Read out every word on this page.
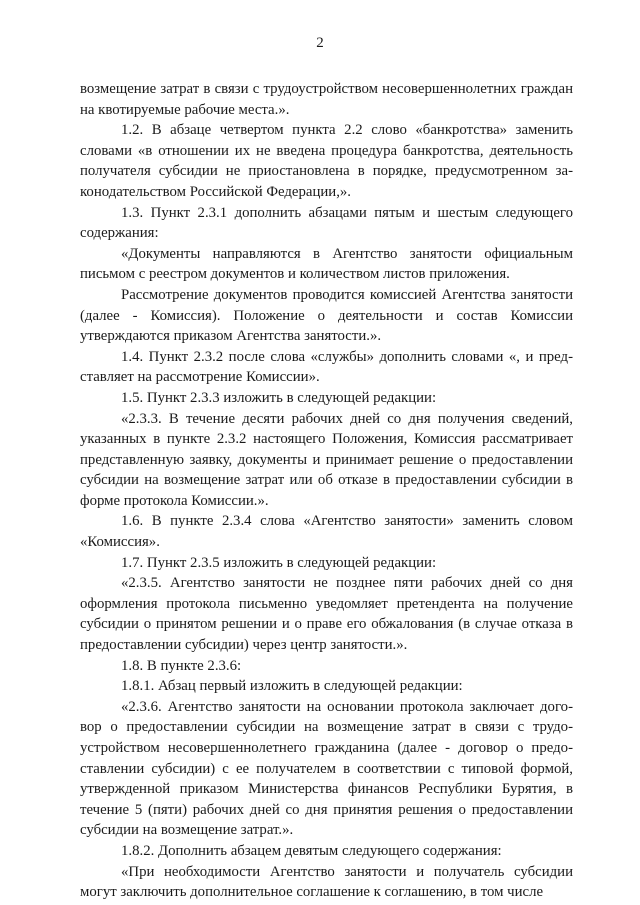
2

возмещение затрат в связи с трудоустройством несовершеннолетних граждан на квотируемые рабочие места.».

1.2. В абзаце четвертом пункта 2.2 слово «банкротства» заменить словами «в отношении их не введена процедура банкротства, деятельность получателя субсидии не приостановлена в порядке, предусмотренном законодательством Российской Федерации,».

1.3. Пункт 2.3.1 дополнить абзацами пятым и шестым следующего содержания:

«Документы направляются в Агентство занятости официальным письмом с реестром документов и количеством листов приложения.

Рассмотрение документов проводится комиссией Агентства занятости (далее - Комиссия). Положение о деятельности и состав Комиссии утверждаются приказом Агентства занятости.».

1.4. Пункт 2.3.2 после слова «службы» дополнить словами «, и представляет на рассмотрение Комиссии».

1.5. Пункт 2.3.3 изложить в следующей редакции:

«2.3.3. В течение десяти рабочих дней со дня получения сведений, указанных в пункте 2.3.2 настоящего Положения, Комиссия рассматривает представленную заявку, документы и принимает решение о предоставлении субсидии на возмещение затрат или об отказе в предоставлении субсидии в форме протокола Комиссии.».

1.6. В пункте 2.3.4 слова «Агентство занятости» заменить словом «Комиссия».

1.7. Пункт 2.3.5 изложить в следующей редакции:

«2.3.5. Агентство занятости не позднее пяти рабочих дней со дня оформления протокола письменно уведомляет претендента на получение субсидии о принятом решении и о праве его обжалования (в случае отказа в предоставлении субсидии) через центр занятости.».

1.8. В пункте 2.3.6:

1.8.1. Абзац первый изложить в следующей редакции:

«2.3.6. Агентство занятости на основании протокола заключает договор о предоставлении субсидии на возмещение затрат в связи с трудоустройством несовершеннолетнего гражданина (далее - договор о предоставлении субсидии) с ее получателем в соответствии с типовой формой, утвержденной приказом Министерства финансов Республики Бурятия, в течение 5 (пяти) рабочих дней со дня принятия решения о предоставлении субсидии на возмещение затрат.».

1.8.2. Дополнить абзацем девятым следующего содержания:

«При необходимости Агентство занятости и получатель субсидии могут заключить дополнительное соглашение к соглашению, в том числе
